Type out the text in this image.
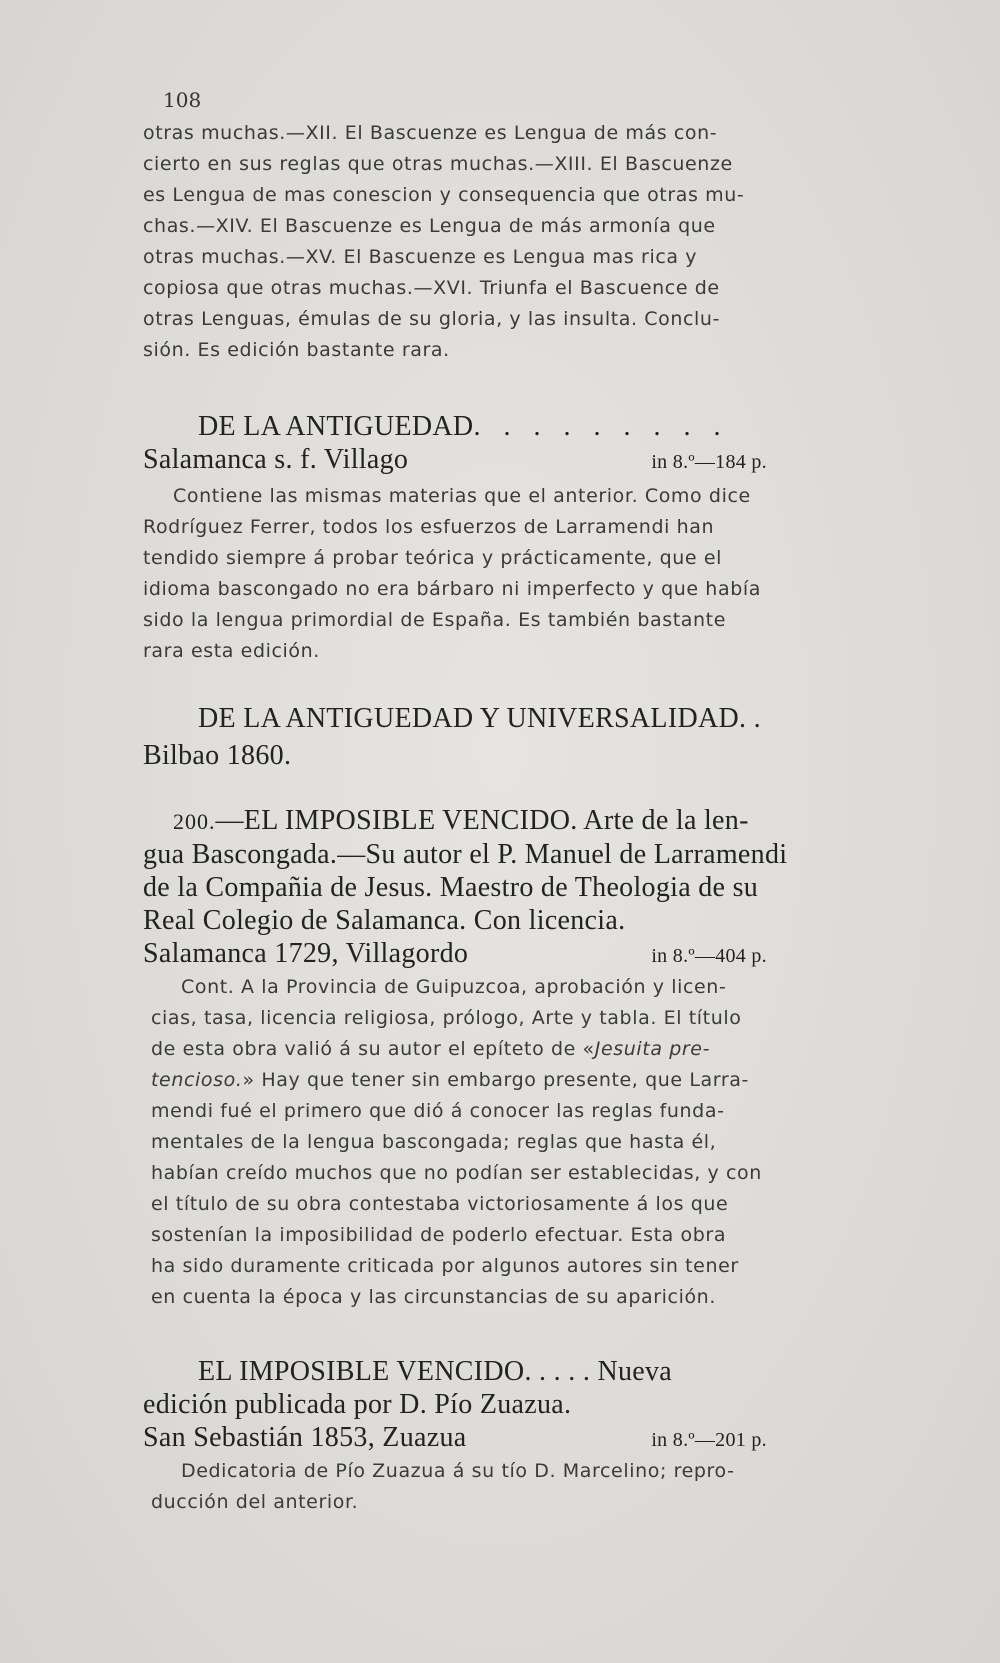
108
otras muchas.—XII. El Bascuenze es Lengua de más con-
cierto en sus reglas que otras muchas.—XIII. El Bascuenze
es Lengua de mas conescion y consequencia que otras mu-
chas.—XIV. El Bascuenze es Lengua de más armonía que
otras muchas.—XV. El Bascuenze es Lengua mas rica y
copiosa que otras muchas.—XVI. Triunfa el Bascuence de
otras Lenguas, émulas de su gloria, y las insulta. Conclu-
sión. Es edición bastante rara.
DE LA ANTIGUEDAD. . . . . . . . .
Salamanca s. f. Villago	in 8.º—184 p.
Contiene las mismas materias que el anterior. Como dice
Rodríguez Ferrer, todos los esfuerzos de Larramendi han
tendido siempre á probar teórica y prácticamente, que el
idioma bascongado no era bárbaro ni imperfecto y que había
sido la lengua primordial de España. Es también bastante
rara esta edición.
DE LA ANTIGUEDAD Y UNIVERSALIDAD. .
Bilbao 1860.
200.—EL IMPOSIBLE VENCIDO. Arte de la len-
gua Bascongada.—Su autor el P. Manuel de Larramendi
de la Compañia de Jesus. Maestro de Theologia de su
Real Colegio de Salamanca. Con licencia.
Salamanca 1729, Villagordo	in 8.º—404 p.
Cont. A la Provincia de Guipuzcoa, aprobación y licen-
cias, tasa, licencia religiosa, prólogo, Arte y tabla. El título
de esta obra valió á su autor el epíteto de «Jesuita pre-
tencioso.» Hay que tener sin embargo presente, que Larra-
mendi fué el primero que dió á conocer las reglas funda-
mentales de la lengua bascongada; reglas que hasta él,
habían creído muchos que no podían ser establecidas, y con
el título de su obra contestaba victoriosamente á los que
sostenían la imposibilidad de poderlo efectuar. Esta obra
ha sido duramente criticada por algunos autores sin tener
en cuenta la época y las circunstancias de su aparición.
EL IMPOSIBLE VENCIDO. . . . . Nueva
edición publicada por D. Pío Zuazua.
San Sebastián 1853, Zuazua	in 8.º—201 p.
Dedicatoria de Pío Zuazua á su tío D. Marcelino; repro-
ducción del anterior.
